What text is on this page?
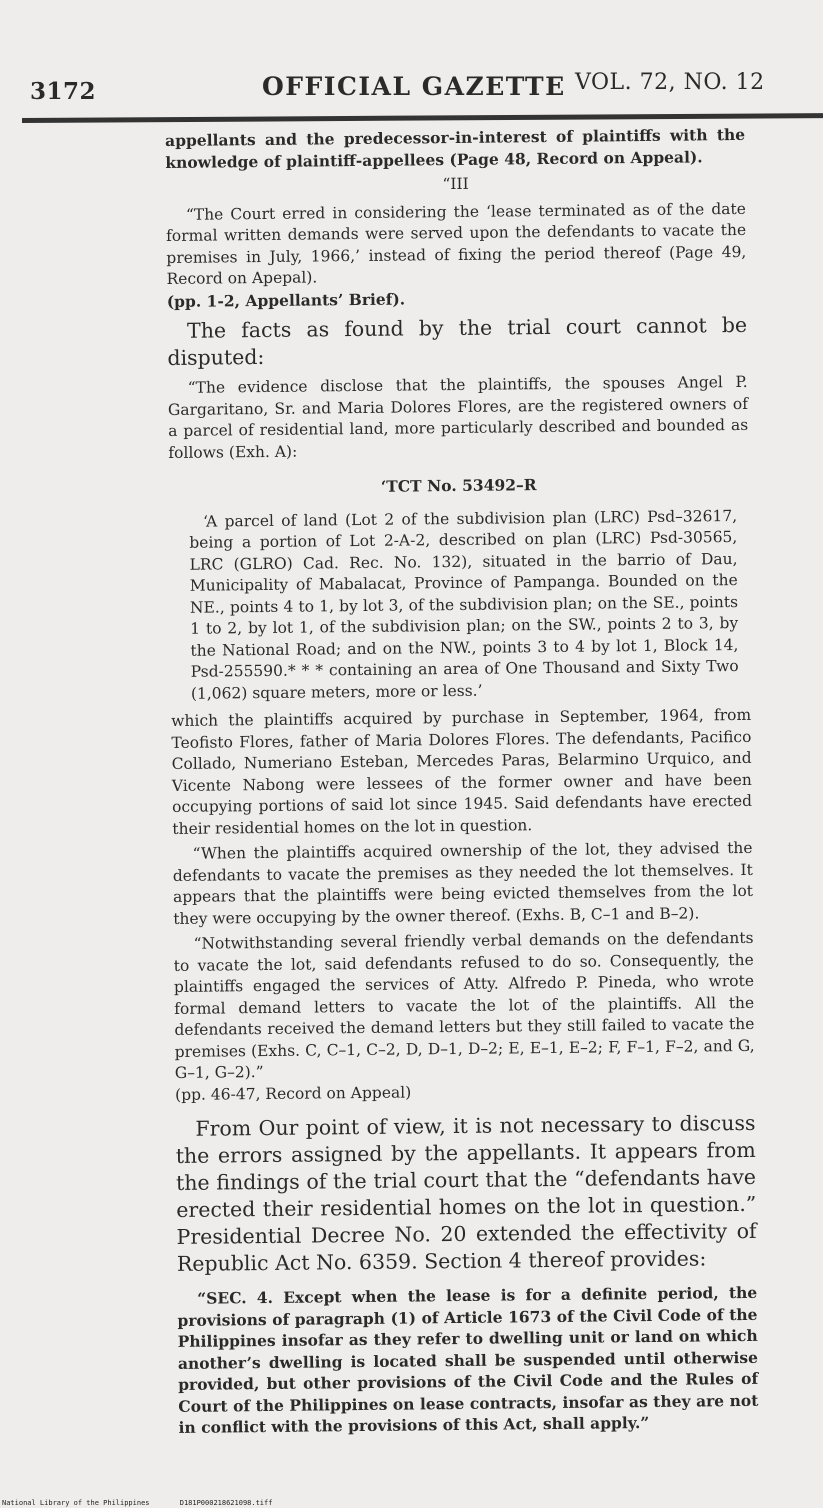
3172	OFFICIAL GAZETTE VOL. 72, NO. 12

appellants and the predecessor-in-interest of plaintiffs with the knowledge of plaintiff-appellees (Page 48, Record on Appeal).

“III

“The Court erred in considering the ‘lease terminated as of the date formal written demands were served upon the defendants to vacate the premises in July, 1966,’ instead of fixing the period thereof (Page 49, Record on Apepal).

(pp. 1-2, Appellants’ Brief).

The facts as found by the trial court cannot be disputed:

“The evidence disclose that the plaintiffs, the spouses Angel P. Gargaritano, Sr. and Maria Dolores Flores, are the registered owners of a parcel of residential land, more particularly described and bounded as follows (Exh. A):

‘TCT No. 53492–R

‘A parcel of land (Lot 2 of the subdivision plan (LRC) Psd–32617, being a portion of Lot 2-A-2, described on plan (LRC) Psd-30565, LRC (GLRO) Cad. Rec. No. 132), situated in the barrio of Dau, Municipality of Mabalacat, Province of Pampanga. Bounded on the NE., points 4 to 1, by lot 3, of the subdivision plan; on the SE., points 1 to 2, by lot 1, of the subdivision plan; on the SW., points 2 to 3, by the National Road; and on the NW., points 3 to 4 by lot 1, Block 14, Psd-255590.* * * containing an area of One Thousand and Sixty Two (1,062) square meters, more or less.’

which the plaintiffs acquired by purchase in September, 1964, from Teofisto Flores, father of Maria Dolores Flores. The defendants, Pacifico Collado, Numeriano Esteban, Mercedes Paras, Belarmino Urquico, and Vicente Nabong were lessees of the former owner and have been occupying portions of said lot since 1945. Said defendants have erected their residential homes on the lot in question.

“When the plaintiffs acquired ownership of the lot, they advised the defendants to vacate the premises as they needed the lot themselves. It appears that the plaintiffs were being evicted themselves from the lot they were occupying by the owner thereof. (Exhs. B, C–1 and B–2).

“Notwithstanding several friendly verbal demands on the defendants to vacate the lot, said defendants refused to do so. Consequently, the plaintiffs engaged the services of Atty. Alfredo P. Pineda, who wrote formal demand letters to vacate the lot of the plaintiffs. All the defendants received the demand letters but they still failed to vacate the premises (Exhs. C, C–1, C–2, D, D–1, D–2; E, E–1, E–2; F, F–1, F–2, and G, G–1, G–2).”

(pp. 46-47, Record on Appeal)

From Our point of view, it is not necessary to discuss the errors assigned by the appellants. It appears from the findings of the trial court that the “defendants have erected their residential homes on the lot in question.” Presidential Decree No. 20 extended the effectivity of Republic Act No. 6359. Section 4 thereof provides:

“SEC. 4. Except when the lease is for a definite period, the provisions of paragraph (1) of Article 1673 of the Civil Code of the Philippines insofar as they refer to dwelling unit or land on which another’s dwelling is located shall be suspended until otherwise provided, but other provisions of the Civil Code and the Rules of Court of the Philippines on lease contracts, insofar as they are not in conflict with the provisions of this Act, shall apply.”

National Library of the Philippines	D181P000218621098.tiff
